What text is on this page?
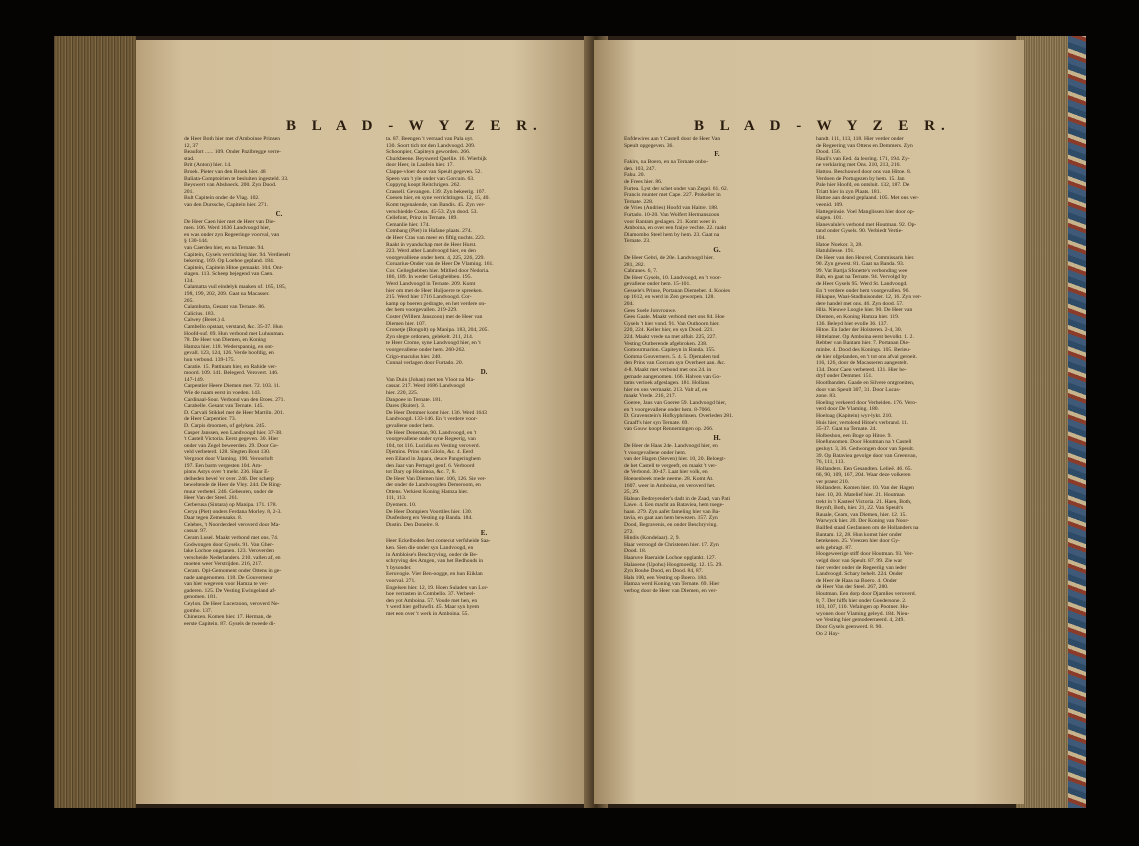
B L A D - W Y Z E R.
de Heer Both hier met d'Amboinse Prinsen
12, 37
Beaufort ...... 109. Onder Pazlbregge verre-
stad.
Brit (Anton) hier. 14.
Broek. Pieter van den Broek hier. 48
Baliata-Comptoirien te besluiten ingesteld. 33.
Beyswert van Abshoeck. 200. Zyn Dood.
201.
Bult Capitein onder de Vlag. 102.
van den Durssche, Capitein hier. 271.
C.
De Heer Caen hier met de Heer van Die-
men. 106. Werd 1636 Landvoogd hier,
en was onder zyn Regeeringe voorval, van
§ 130-144.
van Caerden hier, en na Ternate. 94.
Capitein, Gysels verrichting hier. 94. Verdieselt
bekering. 169. Op Loehoe gepland. 184.
Capitein, Capitein Hitoe gemaakt. 104. Ont-
slagen. 113. Scheep bejegend van Caen.
134.
Calamatta vuil eindelyk maaken of. 165, 185,
198, 199, 202, 209. Gaat na Macasser.
205.
Calambutta, Gesant van Ternate. 86.
Calicius. 183.
Calwey (Beret.) 4.
Cambello opstaat, verstand, &c. 35-37. Hun
Hoofd-suf. 69. Hun verbond met Luhunman.
78. De Heer van Diemen, en Koning
Hamza hier. 118. Wederspannig, en ont-
gevall. 123, 124, 126. Verde hoofdig, en
hun verbond. 139-175.
Caratie. 15. Pattinam hier, en Rahide ver-
moord. 109. 141. Belegerd. Verovert. 146.
147-149.
Carpentier Heere Diemen met. 72. 103. 11.
Wie de naam eerst in voeden. 143.
Cardinaal-Sour. Verbond van den Etoes. 271.
Carabelle. Gesant van Ternate. 145.
D. Carvali Stikkel met de Heer Martiln. 201.
de Heer Carpentier. 73.
D. Carpis droomen, of gelyken. 245.
Casper Janssen, een Landvoogd hier. 37-38.
't Castell Victoria. Eerst gegeven. 30. Hier
onder van Zegel beweerden. 29. Door Ge-
veld verbeterd. 128. Slegten Bout 130.
Vergroot door Vlaming. 190. Veroorloft
197. Een barm vergesten 104. Am-
pinns Astys over 't mehr. 236. Haar E-
delheden bevel 'er over. 246. Der scherp
beweltende de Heer de Vley. 244. De Ring-
muur verbetel. 246. Gebeuren, onder de
Heer Van der Steel. 261.
Cerberusa (Sintara) op Manipa. 171. 178.
Cerya (Piet) onders Ferdana Morley. 8, 2-3.
Daar tegen Zemenaaks. 8.
Celebes, 't Noorderdeel veroverd door Ma-
cassar. 97.
Ceram Lusel. Maakt verbond met ons. 74.
Godwongen door Gysels. 91. Van Gher-
lake Lochoe ongaanen. 123. Veroverden
verscheide Nederlanders. 210. vallen af, en
moeten weer Verstrijden. 216, 217.
Ceram. Opl-Gemoment onder Ottens in ge-
nade aangenomen. 118. De Gouverneur
van hier wegeven voor Hamza te ver-
gaderen. 125. De Vesting Ewingeland af-
genomen. 181.
Ceylon. De Heer Lucerzoon, veroverd Ne-
gombo. 137.
Chinezen. Komen hier. 17. Herman, de
eerste Capitein. 87. Gysels de tweede di-
ta. 87. Beengen 't verraad van Pala uyt.
130. Soort tich tot den Landvoogd. 209.
Schoonpier, Capiteyn geworden. 266.
Churkbeene. Beyswerd Quellie. 16. Wierbijk
door Heer, in Laufein hier. 17.
Clappe-vloer door van Speult gegeven. 52.
Speen van 't yle onder van Gorcum. 63.
Coppyng koopt Reitchrigen. 262.
Crassell. Gevangen. 139. Zyn bekeerig. 107.
Coesen hier, en syne verrichtingen. 12, 15, 40.
Komt tegenalende, van Bandis. 45. Zyn ver-
verschiedde Coeas. 45-53. Zyn dood. 53.
Cellefont, Prinz in Ternate. 189.
Cemanlie hier. 174.
Combang (Piet) in Hafane plaats. 274.
de Heer Cras van meer en fiftig nuchts. 223.
Raakt in vyandschap met de Heer Hurst.
223. Werd ather Landvoogd hier, en den
voorgevalliene onder hem. 4, 225, 226, 229.
Coruarius-Onder van de Heer De Vlaming. 161.
Cor. Gelieghebben hier. Mitlied door Nedoria.
186, 189. In weder Geloghebben. 195.
Werd Landvoogd in Ternate. 209. Komt
hier om met de Heer Huljoerre te spreeken.
215. Werd hier 1716 Landvoogd. Cor-
kamp op boeren gedragte, en het verdere on-
der hem voorgevallen. 219-229.
Coster (Willem Janszoon) met de Heer van
Diemen hier. 107.
Cronetje (Bongolt) op Manipa. 183, 204, 205.
Zyn slegte ordonen, gelekelt. 211, 214.
te Heer Crome, syne Landvoogd hier, en 't
voorgevallene onder hem. 260-262.
Crigo-maculus hier. 240.
Cunnal verlagen door Furtado. 20.
D.
Van Duin (Johan) met ten Vloot na Ma-
cassar. 217. Werd 1686 Landvoogd
hier. 220, 225.
Danpoee in Ternate. 181.
Dares (Ruiter). 3.
De Heer Demmer komt hier. 136. Werd 1643
Landvoogd. 133-146. En 't verdere voor-
gevallene onder hem.
De Heer Deneman, 90. Landvoogd, en 't
voorgevallene onder syne Regeerig, van
104, tot 116. Lucidia en Vesting veroverd.
Djemins. Prins van Gilolo, &c. 4. Eerd
een Eiland in Japara, deuce Pangeringhem
den Jaar van Pertugel genf. 6. Verboord
tot Dary op Honimoa, &c. 7, 8.
De Heer Van Diemen hier. 106, 126. Sie ver-
der onder de Landvoogden Demeroom, en
Ottens. Verkiest Koning Hamza hier.
111, 113.
Dyemem. 10.
De Heer Dompiers Voortiles hier. 130.
Dusfesberg ers Vesting op Banda. 184.
Dustin. Den Doneire. 8.
E.
Heer Eckelboden fest comecut verfsheide Saa-
ken. Sien die onder syn Landvoogd, en
in Ambloise's Beschryving, onder de Be-
schryving des Amgen, van het Bedhouds in
't bysonder.
Eeruvogie. Vier Ben-oogge, en hun Eiiklan
voorval. 271.
Engelsen hier. 12, 19. Hoen Suladen van Lor-
hoe verrasten in Combello. 37. Verbeel-
den yot Amboina. 57. Voude met hen, en
't werd hier gefluwfit. 45. Maar syn hyem
met een over 't werk in Amboina. 55.
B L A D - W Y Z E R.
Enfdewires aan 't Castell door de Heer Van
Speult opgegeven. 36.
F.
Fakirs, na Boero, en na Ternate onbo-
den. 103, 247.
Fahu. 20.
de Frees hier. 86.
Furtea. Lyst der schet onder van Zegel. 61. 62.
Francis munter met Cape. 227. Prokelier in
Ternate. 228.
de Vries (Andries) Hoofd van Haitre. 188.
Furtado. 10-20. Van Wolfert Hermanszoon
voor Bantam geslagen. 21. Komt weer in
Amboina, en over een fraiye vechte. 22. raakt
Diamombo Steel hem by hem. 23. Gaat na
Ternate. 23.
G.
De Heer Gebri, de 20e. Landvoogd hier.
281, 282.
Cabranes. 6, 7.
De Heer Gysels, 10. Landvoogd, en 't voor-
gevallene onder hem. 15-101.
Gessele's Prinse, Portanan Diemeber. 4. Kooies
op 1612, en werd in Zen geworpen. 128.
204.
Gees Soele Jonvrouwe.
Gees Gaale. Maakt verbond met ons 84. Hoe
Gysels 't hier vond. 91. Van Outhoorn hier.
220, 224. Keller hier, en syn Dood. 221.
224. Maakt vrede na met alfuit. 225, 227.
Vesting Outberende afgebroken. 238.
Gomourmarion. Capiteyn in Banda. 155.
Gomma Gouverners. 5. 4. 5. Djemalen tud
den Prins van Gorcum syn Overheet aan. &c.
4-8. Maakt met verbond met ons 24. in
gernade aangenomen. 166. Halven van Go-
tams verloek afgeslagen. 181. Hollans
hier en ons vermaakt. 213. Valt af, en
maakt Vrede. 216, 217.
Goeree, Jaus van Goeree 59. Landvoogd hier,
en 't voorgevallene onder hem. 8-7066.
D. Gravenstein's Hofkyphrinsen. Overleden 281.
Graaff's hier syn Ternate. 69.
van Gouw koopt Rennemingen op. 266.
H.
De Heer de Haas 24e. Landvoogd hier, en
't voorgevallene onder hem.
van der Hagen (Steven) hier. 10, 20. Beloegt-
de het Castell te vergeeft, en maakt 't ver-
de Verbond. 30-47. Laat hier volk, en
Hoenenbeek mede neeme. 28. Komt At.
1607. weer in Amboina, en veroverd het.
25, 29.
Halean Bedreyender's dadt in de Zaad, van Pati
Lawe. 4. Een macht an Bataviea, hem toege-
haan. 279. Zyn aafet fameling hier van Ba-
tavia, en gaat aan hem bewezen. 157. Zyn
Dood, Begravenis, en onder Beschryving.
272.
Hindis (Kondelaar). 2, 9.
Haar verroogd de Christenen hier. 17. Zyn
Dood. 18.
Haaruve Baeraide Lochoe opglankt. 127.
Halaoene (Upohu) Hoogmoedig. 12. 15. 29.
Zyn Bouhe Dood, en Dood. 84, 87.
Hals 100, een Vesting op Boero. 184.
Hamza werd Koning van Ternate. 69. Hier
verbog door de Heer van Diemen, en ver-
handt. 111, 113, 118. Hier verder onder
de Regeering van Ottens en Demmers. Zyn
Dood. 156.
Hauli's van Eed. 4a leoring. 171, 194. Zy-
ne verklaring met Ons. 210, 213, 216.
Hattou. Beschouwd door ons van Hitoe. 8.
Verdoen de Portugezen by hem. 15. Jan
Pale hier Hoofd, en ontsluit. 132, 187. De
Triatt hier in zyn Plaats. 181.
Hattoe aan deand geplaand. 105. Met ons ver-
veenid. 109.
Hattegeinsie. Voel Manglissen hier door op-
slagen. 101.
Hanevalule's verbond met Houtman. 92. Op-
tand onder Gysels. 90. Verbiedt Vertie-
104.
Hatoe Noekor. 3, 28.
Hatuhilesse. 191.
De Heer van den Heuvel, Commissaris hier.
90. Zyn gewest. 81. Gaat na Banda. 93.
99. Vat Bartja Sfonette's verbonding wee
Bah, en gaat na Ternate. 94. Vervolgd by
de Heer Gysels 95. Werd St. Landvoogd.
En 't verdere onder hem voorgevallen. 96.
Hikapue, Waai-Stadhuisonder. 12, 16. Zyn ver-
dere handel met ons. 46. Zyn dood. 57.
Hila. Nieuwe Loogie hier. 90. De Heer van
Diemen, en Koning Hamza hier. 119.
136. Beleyd hier evolle 36. 137.
Hitoe. En Iader der Holsteren. 2-4, 30.
Hittelamer. Op Amboina eerst bevolkt. 1. 2.
Rebber van Bantam hier. 7. Portanan Die-
minbe. 4. Dood des Konings. 105. Berieu-
de hier ofgelanden, en 't tot ons afval geroeit.
116, 126, door de Macasseren aangestelt.
134. Door Caen verbeterd. 131. Hier be-
dryf onder Demmer. 151.
Hootlbanden. Gaade en Silvere ontgroeiten,
door van Speult 307, 31. Door Lucas-
zone. 83.
Hoeling verkeerd door Verheiden. 176. Vero-
verd door De Vlaming. 180.
Hoeloag (Kapitein) wyr-lykt. 210.
Huis hier, vertolend Hitoe's verbrand. 11.
35-37. Gaat na Ternate. 24.
Holbeshon, een Boge op Hitoe. 9.
Hoefunsomen. Door Houtman na 't Castell
gesluyt. 3, 36. Gedwongen door van Speult.
39. Op Bataviea gevolge door van Greenvan,
76, 111, 113.
Hollanders. Een Gesandten. Lelieë. 46. 65.
66, 90, 109, 167, 204. Waar deze volkeren
ver praest 210.
Hollanders. Komen hier. 10. Van der Hagen
hier. 10, 20. Matelief hier. 21. Houtman
trekt in 't Kasteel Victoria. 21. Haen, Both,
Reynft, Both, hier. 21, 22. Van Speult's
Rauale, Ceam, van Diemen, hier. 12. 15.
Warwyck hier. 20. Der Koning van Noor-
Bailfed staad Gesfannen om de Hollanders na
Bantam. 12, 28. Hun komst hier onder
betekenen. 25. Vreezen hier door Gy-
sels gebragt. 87.
Hoogeweerige stiff door Houtman. 93. Ver-
velgd door van Speult. 87. 99. Zie war
hier verder onder de Regeeriig van ieder
Landvoogd. Schary behelt. 224. Onder
de Heer de Haas na Boero. 4. Onder
de Heer Van der Steel. 267, 280.
Houtman. Een dorp door Djamlies veroverd.
8, 7. Der hiffs hier onder Goedersone. 2.
103, 107, 110. Vefaingen op Pootner. Hu-
wyonen door Vlaming geleyd. 184. Nieu-
we Vesting hier gemodeerneerd. 4, 249.
Door Gysels geenwerd. 8. 90.
Oo 2 Hay-
